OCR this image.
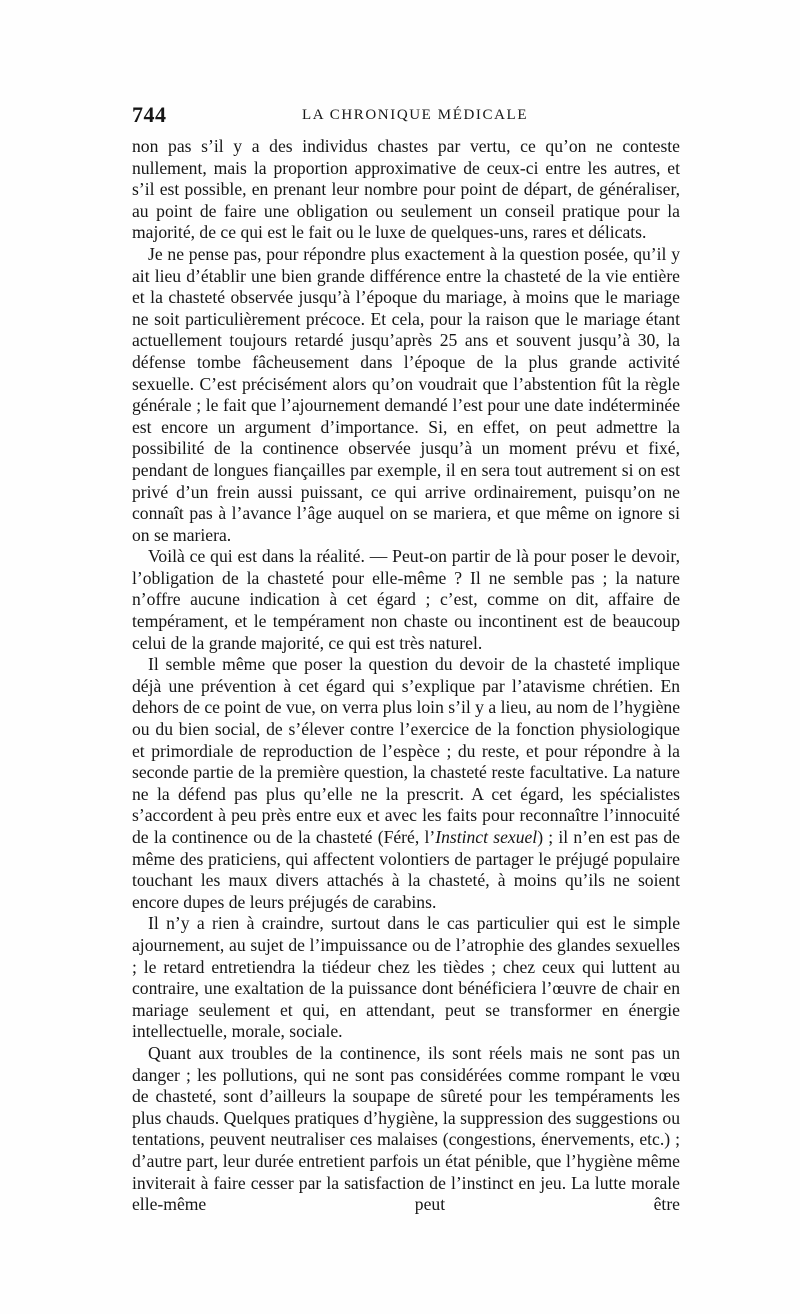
744	LA CHRONIQUE MÉDICALE

non pas s’il y a des individus chastes par vertu, ce qu’on ne conteste nullement, mais la proportion approximative de ceux-ci entre les autres, et s’il est possible, en prenant leur nombre pour point de départ, de généraliser, au point de faire une obligation ou seulement un conseil pratique pour la majorité, de ce qui est le fait ou le luxe de quelques-uns, rares et délicats.

Je ne pense pas, pour répondre plus exactement à la question posée, qu’il y ait lieu d’établir une bien grande différence entre la chasteté de la vie entière et la chasteté observée jusqu’à l’époque du mariage, à moins que le mariage ne soit particulièrement précoce. Et cela, pour la raison que le mariage étant actuellement toujours retardé jusqu’après 25 ans et souvent jusqu’à 30, la défense tombe fâcheusement dans l’époque de la plus grande activité sexuelle. C’est précisément alors qu’on voudrait que l’abstention fût la règle générale ; le fait que l’ajournement demandé l’est pour une date indéterminée est encore un argument d’importance. Si, en effet, on peut admettre la possibilité de la continence observée jusqu’à un moment prévu et fixé, pendant de longues fiançailles par exemple, il en sera tout autrement si on est privé d’un frein aussi puissant, ce qui arrive ordinairement, puisqu’on ne connaît pas à l’avance l’âge auquel on se mariera, et que même on ignore si on se mariera.

Voilà ce qui est dans la réalité. — Peut-on partir de là pour poser le devoir, l’obligation de la chasteté pour elle-même ? Il ne semble pas ; la nature n’offre aucune indication à cet égard ; c’est, comme on dit, affaire de tempérament, et le tempérament non chaste ou incontinent est de beaucoup celui de la grande majorité, ce qui est très naturel.

Il semble même que poser la question du devoir de la chasteté implique déjà une prévention à cet égard qui s’explique par l’atavisme chrétien. En dehors de ce point de vue, on verra plus loin s’il y a lieu, au nom de l’hygiène ou du bien social, de s’élever contre l’exercice de la fonction physiologique et primordiale de reproduction de l’espèce ; du reste, et pour répondre à la seconde partie de la première question, la chasteté reste facultative. La nature ne la défend pas plus qu’elle ne la prescrit. A cet égard, les spécialistes s’accordent à peu près entre eux et avec les faits pour reconnaître l’innocuité de la continence ou de la chasteté (Féré, l’Instinct sexuel) ; il n’en est pas de même des praticiens, qui affectent volontiers de partager le préjugé populaire touchant les maux divers attachés à la chasteté, à moins qu’ils ne soient encore dupes de leurs préjugés de carabins.

Il n’y a rien à craindre, surtout dans le cas particulier qui est le simple ajournement, au sujet de l’impuissance ou de l’atrophie des glandes sexuelles ; le retard entretiendra la tiédeur chez les tièdes ; chez ceux qui luttent au contraire, une exaltation de la puissance dont bénéficiera l’œuvre de chair en mariage seulement et qui, en attendant, peut se transformer en énergie intellectuelle, morale, sociale.

Quant aux troubles de la continence, ils sont réels mais ne sont pas un danger ; les pollutions, qui ne sont pas considérées comme rompant le vœu de chasteté, sont d’ailleurs la soupape de sûreté pour les tempéraments les plus chauds. Quelques pratiques d’hygiène, la suppression des suggestions ou tentations, peuvent neutraliser ces malaises (congestions, énervements, etc.) ; d’autre part, leur durée entretient parfois un état pénible, que l’hygiène même inviterait à faire cesser par la satisfaction de l’instinct en jeu. La lutte morale elle-même peut être
